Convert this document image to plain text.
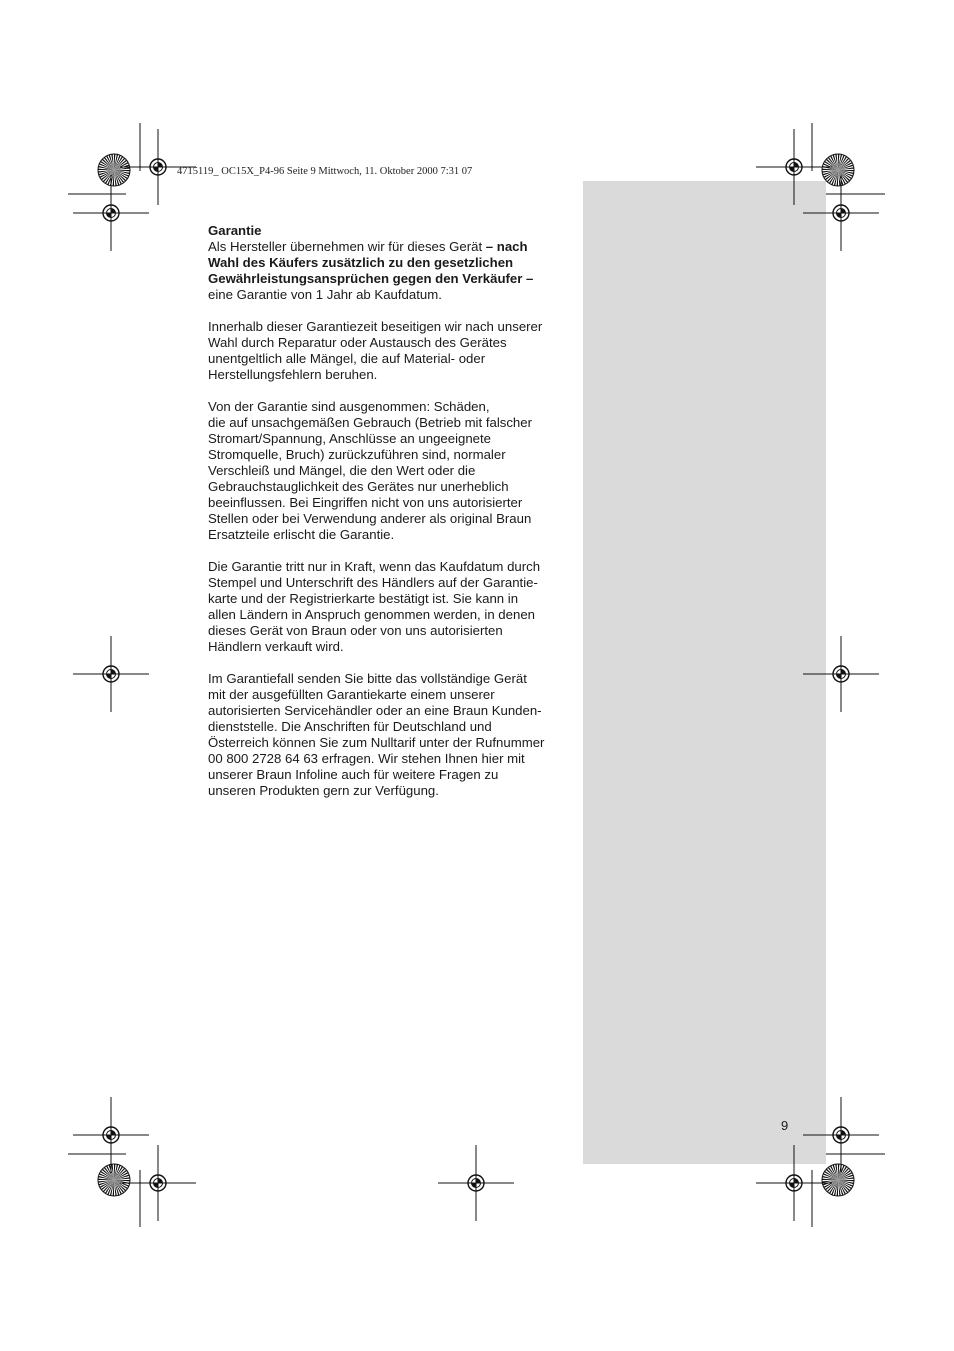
4715119_ OC15X_P4-96 Seite 9 Mittwoch, 11. Oktober 2000 7:31 07

Garantie

Als Hersteller übernehmen wir für dieses Gerät – nach
Wahl des Käufers zusätzlich zu den gesetzlichen
Gewährleistungsansprüchen gegen den Verkäufer –
eine Garantie von 1 Jahr ab Kaufdatum.

Innerhalb dieser Garantiezeit beseitigen wir nach unserer
Wahl durch Reparatur oder Austausch des Gerätes
unentgeltlich alle Mängel, die auf Material- oder
Herstellungsfehlern beruhen.

Von der Garantie sind ausgenommen: Schäden,
die auf unsachgemäßen Gebrauch (Betrieb mit falscher
Stromart/Spannung, Anschlüsse an ungeeignete
Stromquelle, Bruch) zurückzuführen sind, normaler
Verschleiß und Mängel, die den Wert oder die
Gebrauchstauglichkeit des Gerätes nur unerheblich
beeinflussen. Bei Eingriffen nicht von uns autorisierter
Stellen oder bei Verwendung anderer als original Braun
Ersatzteile erlischt die Garantie.

Die Garantie tritt nur in Kraft, wenn das Kaufdatum durch
Stempel und Unterschrift des Händlers auf der Garantie-
karte und der Registrierkarte bestätigt ist. Sie kann in
allen Ländern in Anspruch genommen werden, in denen
dieses Gerät von Braun oder von uns autorisierten
Händlern verkauft wird.

Im Garantiefall senden Sie bitte das vollständige Gerät
mit der ausgefüllten Garantiekarte einem unserer
autorisierten Servicehändler oder an eine Braun Kunden-
dienststelle. Die Anschriften für Deutschland und
Österreich können Sie zum Nulltarif unter der Rufnummer
00 800 2728 64 63 erfragen. Wir stehen Ihnen hier mit
unserer Braun Infoline auch für weitere Fragen zu
unseren Produkten gern zur Verfügung.

9
